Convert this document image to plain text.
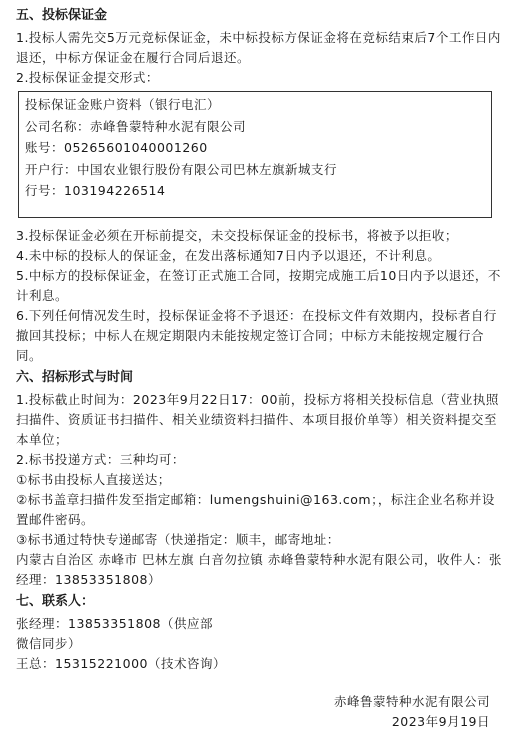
五、投标保证金

1.投标人需先交5万元竞标保证金，未中标投标方保证金将在竞标结束后7个工作日内退还，中标方保证金在履行合同后退还。

2.投标保证金提交形式：

投标保证金账户资料（银行电汇）

公司名称：赤峰鲁蒙特种水泥有限公司

账号：05265601040001260

开户行：中国农业银行股份有限公司巴林左旗新城支行

行号：103194226514

3.投标保证金必须在开标前提交，未交投标保证金的投标书，将被予以拒收；

4.未中标的投标人的保证金，在发出落标通知7日内予以退还，不计利息。

5.中标方的投标保证金，在签订正式施工合同，按期完成施工后10日内予以退还，不计利息。

6.下列任何情况发生时，投标保证金将不予退还：在投标文件有效期内，投标者自行撤回其投标；中标人在规定期限内未能按规定签订合同；中标方未能按规定履行合同。

六、招标形式与时间

1.投标截止时间为：2023年9月22日17：00前，投标方将相关投标信息（营业执照扫描件、资质证书扫描件、相关业绩资料扫描件、本项目报价单等）相关资料提交至本单位；

2.标书投递方式：三种均可：

①标书由投标人直接送达；

②标书盖章扫描件发至指定邮箱：lumengshuini@163.com；，标注企业名称并设置邮件密码。

③标书通过特快专递邮寄（快递指定：顺丰，邮寄地址：

内蒙古自治区 赤峰市 巴林左旗 白音勿拉镇 赤峰鲁蒙特种水泥有限公司，收件人：张经理：13853351808）

七、联系人：

张经理：13853351808（供应部

微信同步）

王总：15315221000（技术咨询）

赤峰鲁蒙特种水泥有限公司

2023年9月19日
